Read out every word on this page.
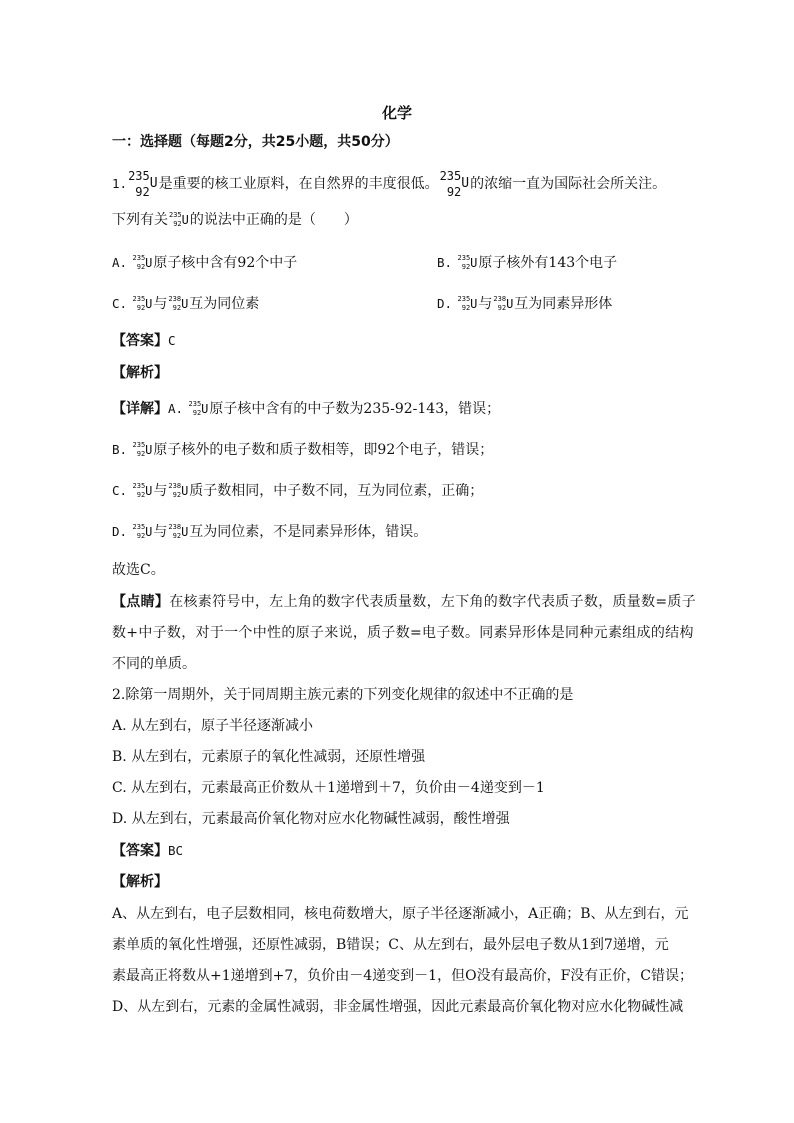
化学
一：选择题（每题2分，共25小题，共50分）
1. 235
92
U是重要的核工业原料，在自然界的丰度很低。 235
92
U的浓缩一直为国际社会所关注。
下列有关 235
92 U的说法中正确的是（　　）
A. 235
92 U原子核中含有92个中子	B. 235
92 U原子核外有143个电子
C. 235
92 U与 238
92 U互为同位素	D. 235
92 U与 238
92 U互为同素异形体
【答案】C
【解析】
【详解】A. 235
92 U原子核中含有的中子数为235-92-143，错误；
B. 235
92 U原子核外的电子数和质子数相等，即92个电子，错误；
C. 235
92 U与 238
92 U质子数相同，中子数不同，互为同位素，正确；
D. 235
92 U与 238
92 U互为同位素，不是同素异形体，错误。
故选C。
【点睛】在核素符号中，左上角的数字代表质量数，左下角的数字代表质子数，质量数=质子
数+中子数，对于一个中性的原子来说，质子数=电子数。同素异形体是同种元素组成的结构
不同的单质。
2.除第一周期外，关于同周期主族元素的下列变化规律的叙述中不正确的是
A. 从左到右，原子半径逐渐减小
B. 从左到右，元素原子的氧化性减弱，还原性增强
C. 从左到右，元素最高正价数从＋1递增到＋7，负价由－4递变到－1
D. 从左到右，元素最高价氧化物对应水化物碱性减弱，酸性增强
【答案】BC
【解析】
A、从左到右，电子层数相同，核电荷数增大，原子半径逐渐减小，A正确；B、从左到右，元
素单质的氧化性增强，还原性减弱，B错误；C、从左到右，最外层电子数从1到7递增，元
素最高正将数从+1递增到+7，负价由－4递变到－1，但O没有最高价，F没有正价，C错误；
D、从左到右，元素的金属性减弱，非金属性增强，因此元素最高价氧化物对应水化物碱性减
